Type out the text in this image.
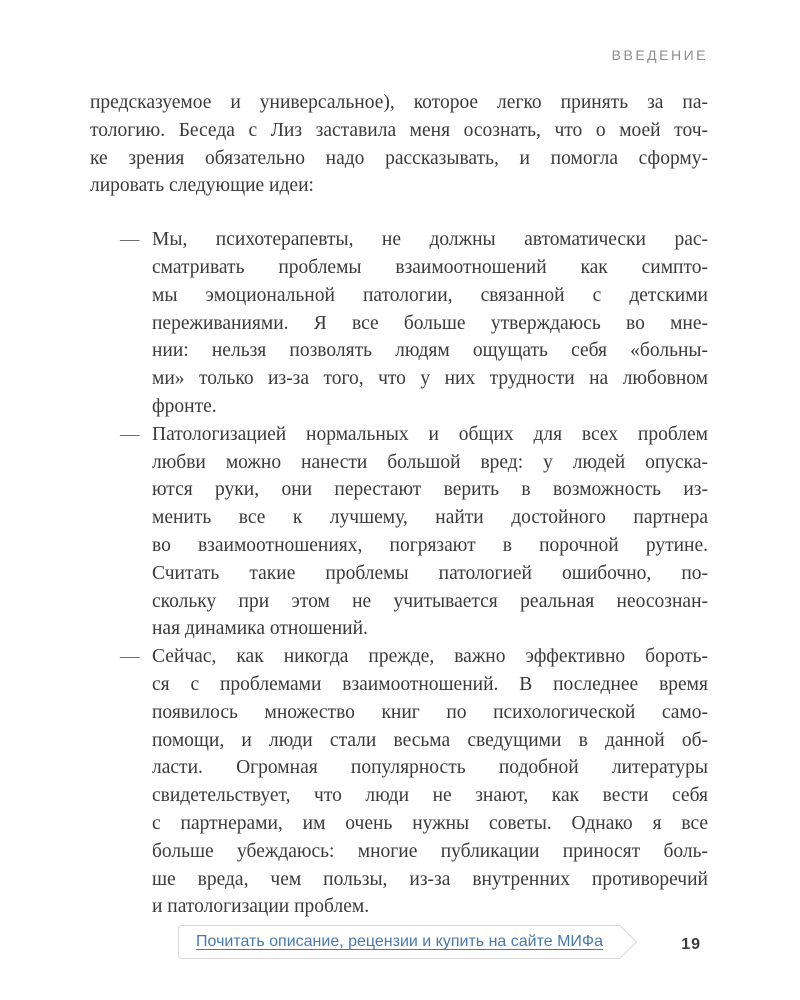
ВВЕДЕНИЕ
предсказуемое и универсальное), которое легко принять за па-
тологию. Беседа с Лиз заставила меня осознать, что о моей точ-
ке зрения обязательно надо рассказывать, и помогла сформу-
лировать следующие идеи:
— Мы, психотерапевты, не должны автоматически рас-
сматривать проблемы взаимоотношений как симпто-
мы эмоциональной патологии, связанной с детскими
переживаниями. Я все больше утверждаюсь во мне-
нии: нельзя позволять людям ощущать себя «больны-
ми» только из-за того, что у них трудности на любовном
фронте.
— Патологизацией нормальных и общих для всех проблем
любви можно нанести большой вред: у людей опуска-
ются руки, они перестают верить в возможность из-
менить все к лучшему, найти достойного партнера
во взаимоотношениях, погрязают в порочной рутине.
Считать такие проблемы патологией ошибочно, по-
скольку при этом не учитывается реальная неосознан-
ная динамика отношений.
— Сейчас, как никогда прежде, важно эффективно бороть-
ся с проблемами взаимоотношений. В последнее время
появилось множество книг по психологической само-
помощи, и люди стали весьма сведущими в данной об-
ласти. Огромная популярность подобной литературы
свидетельствует, что люди не знают, как вести себя
с партнерами, им очень нужны советы. Однако я все
больше убеждаюсь: многие публикации приносят боль-
ше вреда, чем пользы, из-за внутренних противоречий
и патологизации проблем.
Почитать описание, рецензии и купить на сайте МИФа	19
